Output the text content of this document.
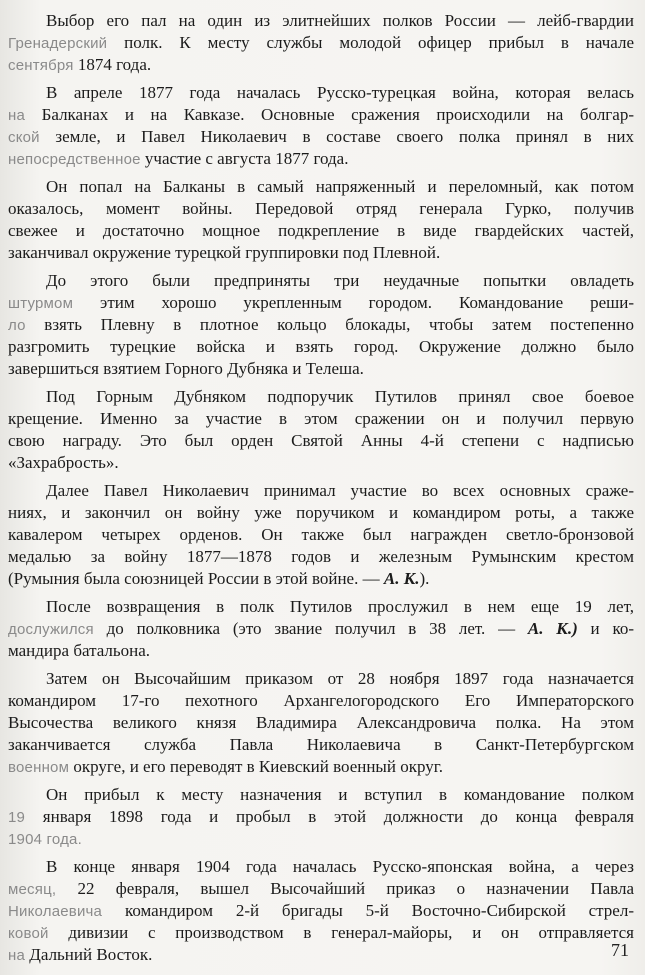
Выбор его пал на один из элитнейших полков России — лейб-гвардии
Гренадерский полк. К месту службы молодой офицер прибыл в начале
сентября 1874 года.
В апреле 1877 года началась Русско-турецкая война, которая велась
на Балканах и на Кавказе. Основные сражения происходили на болгар-
ской земле, и Павел Николаевич в составе своего полка принял в них
непосредственное участие с августа 1877 года.
Он попал на Балканы в самый напряженный и переломный, как потом
оказалось, момент войны. Передовой отряд генерала Гурко, получив
свежее и достаточно мощное подкрепление в виде гвардейских частей,
заканчивал окружение турецкой группировки под Плевной.
До этого были предприняты три неудачные попытки овладеть
штурмом этим хорошо укрепленным городом. Командование реши-
ло взять Плевну в плотное кольцо блокады, чтобы затем постепенно
разгромить турецкие войска и взять город. Окружение должно было
завершиться взятием Горного Дубняка и Телеша.
Под Горным Дубняком подпоручик Путилов принял свое боевое
крещение. Именно за участие в этом сражении он и получил первую
свою награду. Это был орден Святой Анны 4-й степени с надписью
«Захрабрость».
Далее Павел Николаевич принимал участие во всех основных сраже-
ниях, и закончил он войну уже поручиком и командиром роты, а также
кавалером четырех орденов. Он также был награжден светло-бронзовой
медалью за войну 1877—1878 годов и железным Румынским крестом
(Румыния была союзницей России в этой войне. — А. К.).
После возвращения в полк Путилов прослужил в нем еще 19 лет,
дослужился до полковника (это звание получил в 38 лет. — А. К.) и ко-
мандира батальона.
Затем он Высочайшим приказом от 28 ноября 1897 года назначается
командиром 17-го пехотного Архангелогородского Его Императорского
Высочества великого князя Владимира Александровича полка. На этом
заканчивается служба Павла Николаевича в Санкт-Петербургском
военном округе, и его переводят в Киевский военный округ.
Он прибыл к месту назначения и вступил в командование полком
19 января 1898 года и пробыл в этой должности до конца февраля
1904 года.
В конце января 1904 года началась Русско-японская война, а через
месяц, 22 февраля, вышел Высочайший приказ о назначении Павла
Николаевича командиром 2-й бригады 5-й Восточно-Сибирской стрел-
ковой дивизии с производством в генерал-майоры, и он отправляется
на Дальний Восток.	71
